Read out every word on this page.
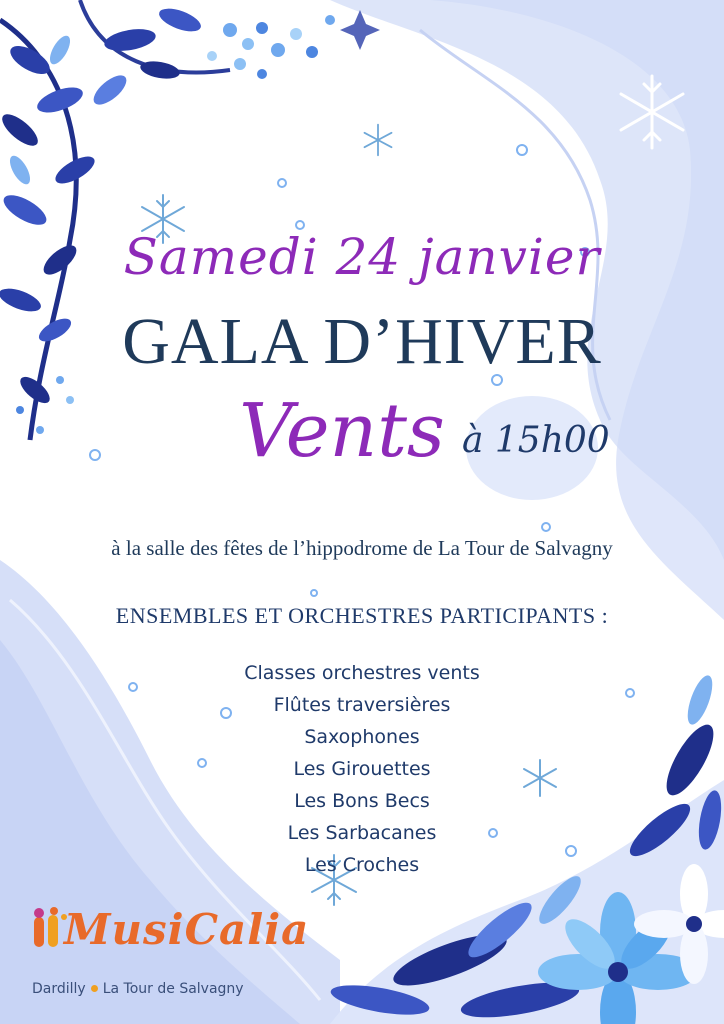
Samedi 24 janvier
GALA D’HIVER
Vents à 15h00
à la salle des fêtes de l’hippodrome de La Tour de Salvagny
ENSEMBLES ET ORCHESTRES PARTICIPANTS :
Classes orchestres vents
Flûtes traversières
Saxophones
Les Girouettes
Les Bons Becs
Les Sarbacanes
Les Croches
MusiCalia
Dardilly La Tour de Salvagny
